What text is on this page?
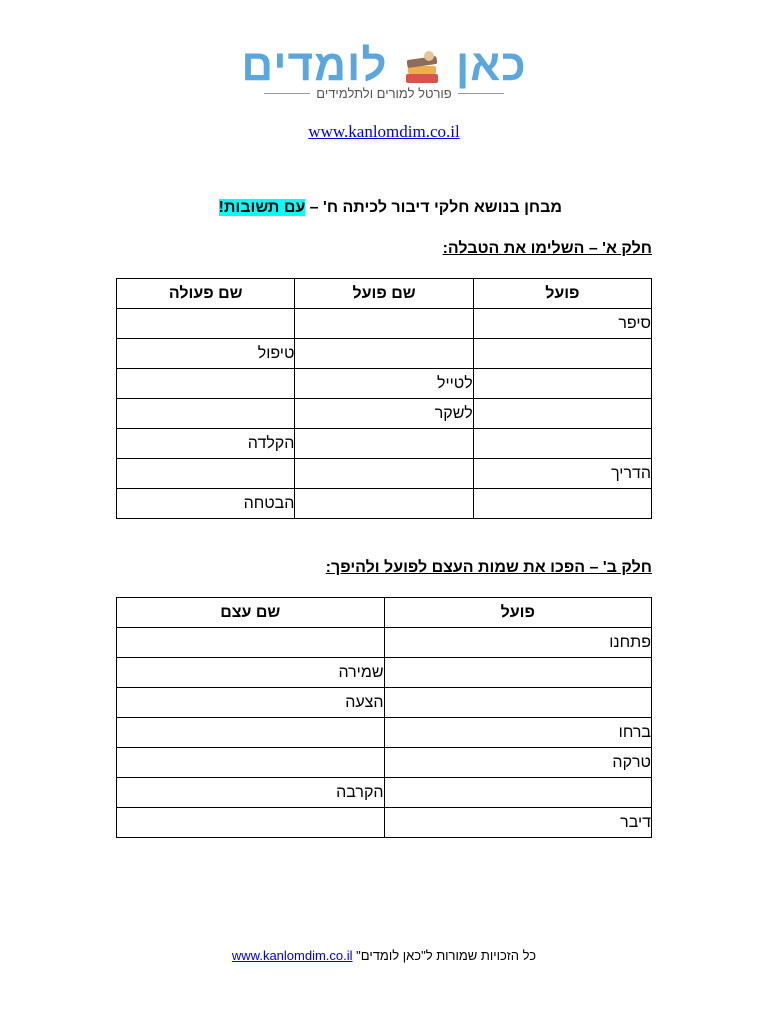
כאן  לומדים
פורטל למורים ולתלמידים
www.kanlomdim.co.il
מבחן בנושא חלקי דיבור לכיתה ח' – עם תשובות!
חלק א' – השלימו את הטבלה:
פועל	שם פועל	שם פעולה
סיפר		
		טיפול
	לטייל	
	לשקר	
		הקלדה
הדריך		
		הבטחה
חלק ב' – הפכו את שמות העצם לפועל ולהיפך:
פועל	שם עצם
פתחנו	
	שמירה
	הצעה
ברחו	
טרקה	
	הקרבה
דיבר	
כל הזכויות שמורות ל"כאן לומדים" www.kanlomdim.co.il
